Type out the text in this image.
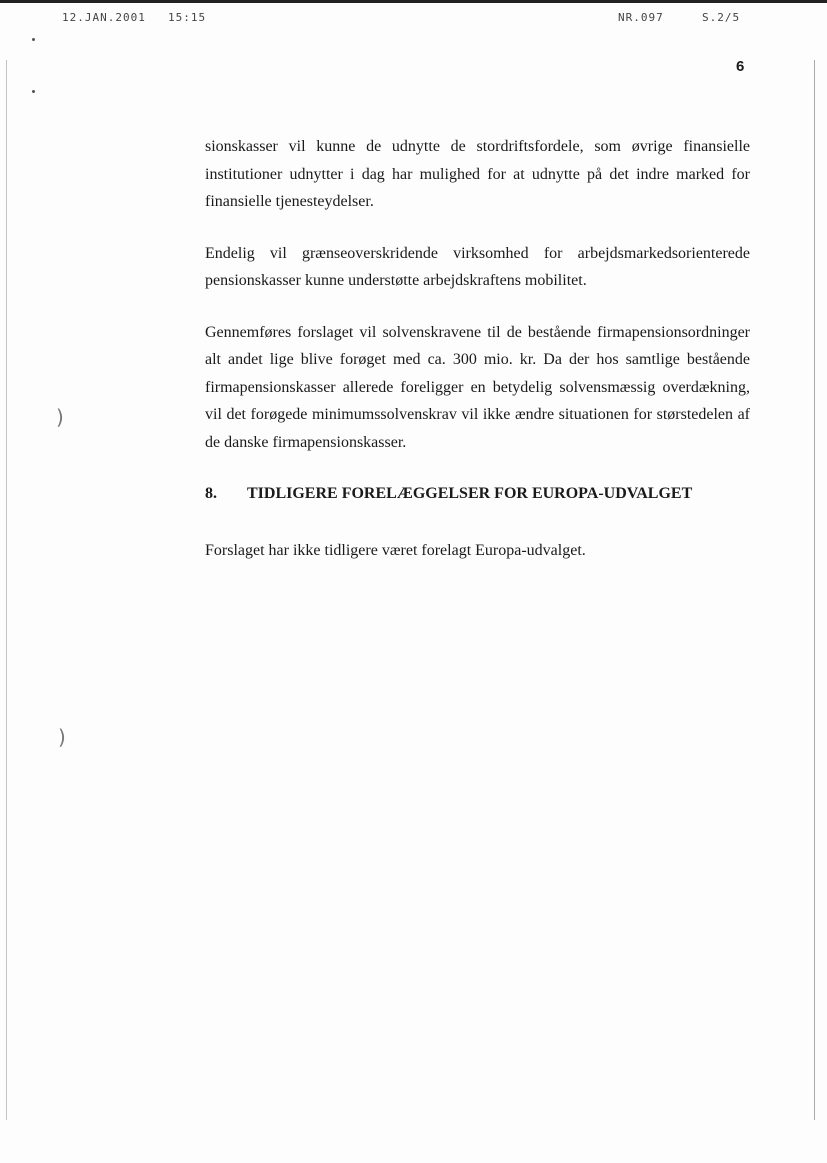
12.JAN.2001 15:15	NR.097	S.2/5
6

sionskasser vil kunne de udnytte de stordriftsfordele, som øvrige finansielle institutioner udnytter i dag har mulighed for at udnytte på det indre marked for finansielle tjenesteydelser.

Endelig vil grænseoverskridende virksomhed for arbejdsmarkedsorienterede pensionskasser kunne understøtte arbejdskraftens mobilitet.

Gennemføres forslaget vil solvenskravene til de bestående firmapensionsordninger alt andet lige blive forøget med ca. 300 mio. kr. Da der hos samtlige bestående firmapensionskasser allerede foreligger en betydelig solvensmæssig overdækning, vil det forøgede minimumssolvenskrav vil ikke ændre situationen for størstedelen af de danske firmapensionskasser.

8.	TIDLIGERE FORELÆGGELSER FOR EUROPA-UDVALGET

Forslaget har ikke tidligere været forelagt Europa-udvalget.

)
)
